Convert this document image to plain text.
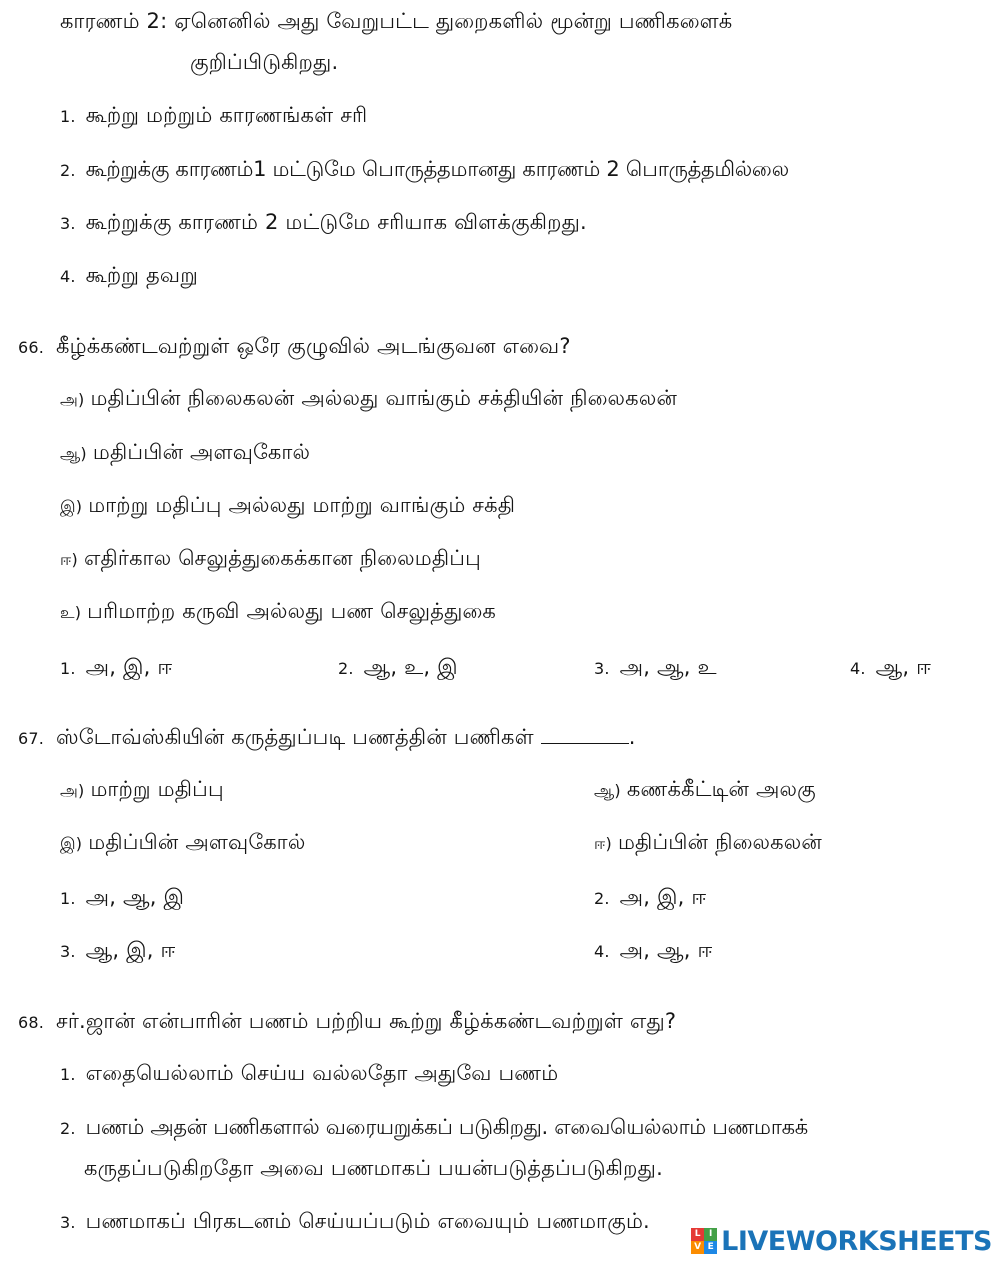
காரணம் 2: ஏனெனில் அது வேறுபட்ட துறைகளில் மூன்று பணிகளைக்
குறிப்பிடுகிறது.
1. கூற்று மற்றும் காரணங்கள் சரி
2. கூற்றுக்கு காரணம்1 மட்டுமே பொருத்தமானது காரணம் 2 பொருத்தமில்லை
3. கூற்றுக்கு காரணம் 2 மட்டுமே சரியாக விளக்குகிறது.
4. கூற்று தவறு
66. கீழ்க்கண்டவற்றுள் ஒரே குழுவில் அடங்குவன எவை?
அ) மதிப்பின் நிலைகலன் அல்லது வாங்கும் சக்தியின் நிலைகலன்
ஆ) மதிப்பின் அளவுகோல்
இ) மாற்று மதிப்பு அல்லது மாற்று வாங்கும் சக்தி
ஈ) எதிர்கால செலுத்துகைக்கான நிலைமதிப்பு
உ) பரிமாற்ற கருவி அல்லது பண செலுத்துகை
1. அ, இ, ஈ	2. ஆ, உ, இ	3. அ, ஆ, உ	4. ஆ, ஈ
67. ஸ்டோவ்ஸ்கியின் கருத்துப்படி பணத்தின் பணிகள்	.
அ) மாற்று மதிப்பு	ஆ) கணக்கீட்டின் அலகு
இ) மதிப்பின் அளவுகோல்	ஈ) மதிப்பின் நிலைகலன்
1. அ, ஆ, இ	2. அ, இ, ஈ
3. ஆ, இ, ஈ	4. அ, ஆ, ஈ
68. சர்.ஜான் என்பாரின் பணம் பற்றிய கூற்று கீழ்க்கண்டவற்றுள் எது?
1. எதையெல்லாம் செய்ய வல்லதோ அதுவே பணம்
2. பணம் அதன் பணிகளால் வரையறுக்கப் படுகிறது. எவையெல்லாம் பணமாகக்
கருதப்படுகிறதோ அவை பணமாகப் பயன்படுத்தப்படுகிறது.
3. பணமாகப் பிரகடனம் செய்யப்படும் எவையும் பணமாகும்.
L I
V E LIVEWORKSHEETS
